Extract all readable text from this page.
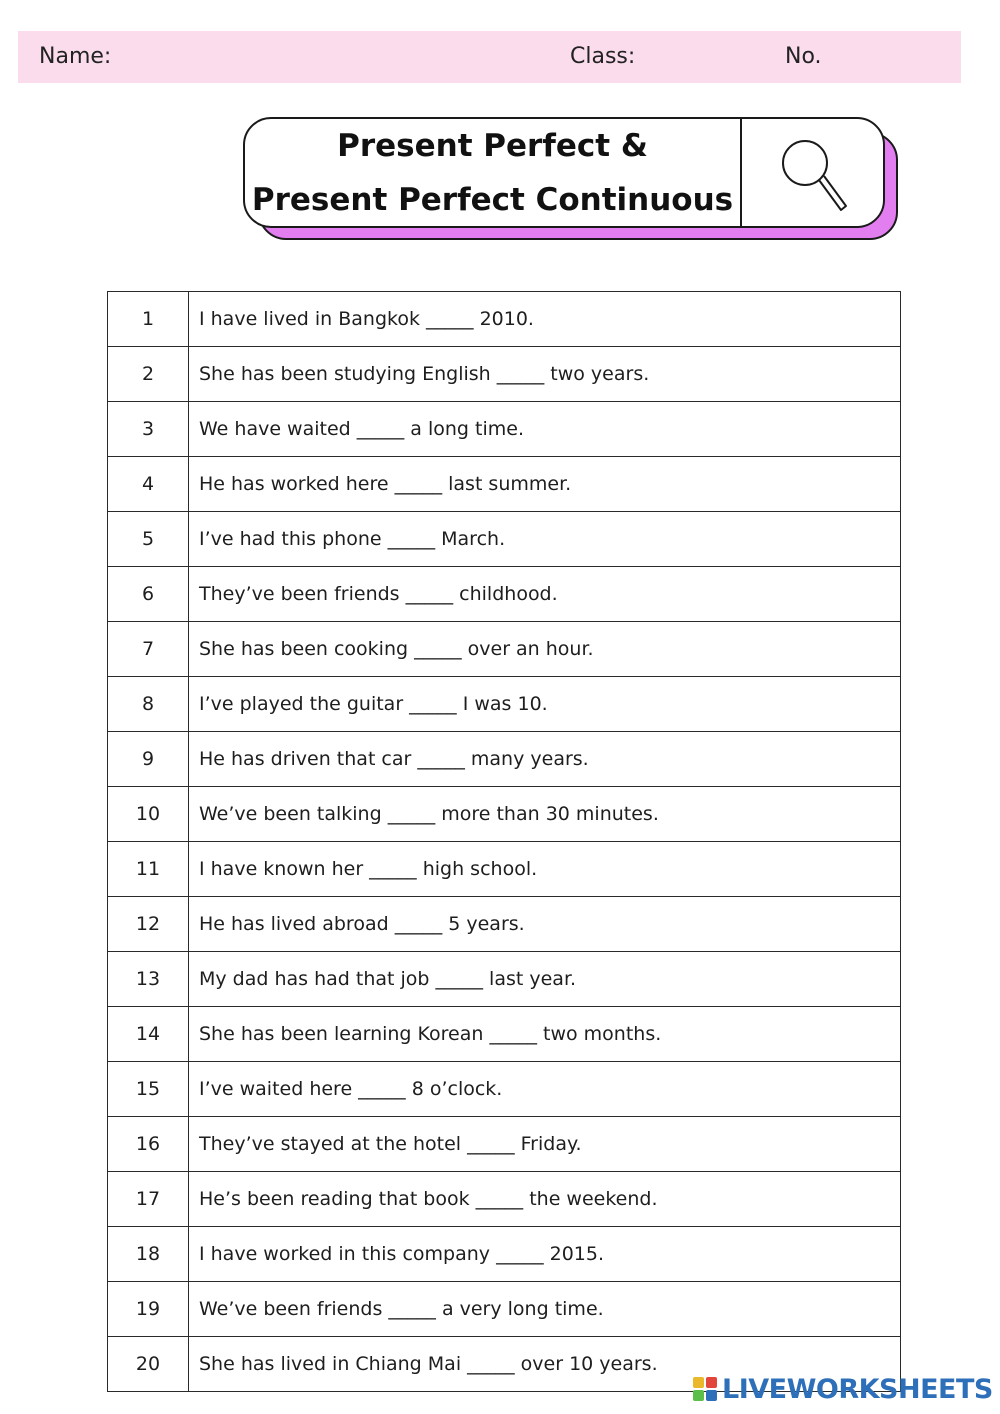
Name:	Class:	No.
Present Perfect &
Present Perfect Continuous
1	I have lived in Bangkok _____ 2010.
2	She has been studying English _____ two years.
3	We have waited _____ a long time.
4	He has worked here _____ last summer.
5	I’ve had this phone _____ March.
6	They’ve been friends _____ childhood.
7	She has been cooking _____ over an hour.
8	I’ve played the guitar _____ I was 10.
9	He has driven that car _____ many years.
10	We’ve been talking _____ more than 30 minutes.
11	I have known her _____ high school.
12	He has lived abroad _____ 5 years.
13	My dad has had that job _____ last year.
14	She has been learning Korean _____ two months.
15	I’ve waited here _____ 8 o’clock.
16	They’ve stayed at the hotel _____ Friday.
17	He’s been reading that book _____ the weekend.
18	I have worked in this company _____ 2015.
19	We’ve been friends _____ a very long time.
20	She has lived in Chiang Mai _____ over 10 years.
LIVEWORKSHEETS
